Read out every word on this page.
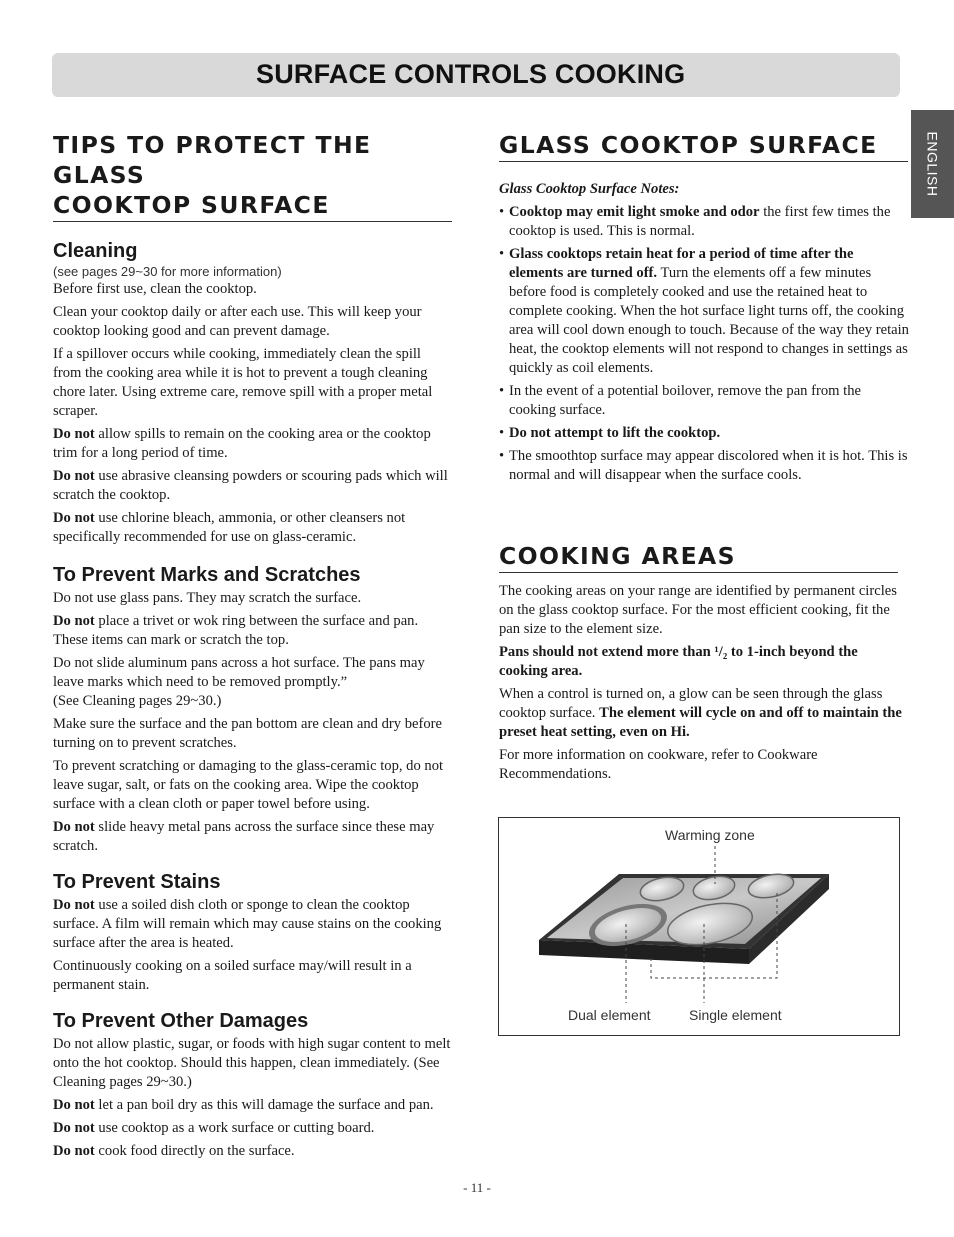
SURFACE CONTROLS COOKING
ENGLISH
TIPS TO PROTECT THE GLASS
COOKTOP SURFACE
Cleaning

(see pages 29~30 for more information)

Before first use, clean the cooktop.

Clean your cooktop daily or after each use. This will keep your cooktop looking good and can prevent damage.

If a spillover occurs while cooking, immediately clean the spill from the cooking area while it is hot to prevent a tough cleaning chore later. Using extreme care, remove spill with a proper metal scraper.

Do not allow spills to remain on the cooking area or the cooktop trim for a long period of time.

Do not use abrasive cleansing powders or scouring pads which will scratch the cooktop.

Do not use chlorine bleach, ammonia, or other cleansers not specifically recommended for use on glass-ceramic.

To Prevent Marks and Scratches

Do not use glass pans. They may scratch the surface.

Do not place a trivet or wok ring between the surface and pan. These items can mark or scratch the top.

Do not slide aluminum pans across a hot surface. The pans may leave marks which need to be removed promptly.”
(See Cleaning pages 29~30.)

Make sure the surface and the pan bottom are clean and dry before turning on to prevent scratches.

To prevent scratching or damaging to the glass-ceramic top, do not leave sugar, salt, or fats on the cooking area. Wipe the cooktop surface with a clean cloth or paper towel before using.

Do not slide heavy metal pans across the surface since these may scratch.

To Prevent Stains

Do not use a soiled dish cloth or sponge to clean the cooktop surface. A film will remain which may cause stains on the cooking surface after the area is heated.

Continuously cooking on a soiled surface may/will result in a permanent stain.

To Prevent Other Damages

Do not allow plastic, sugar, or foods with high sugar content to melt onto the hot cooktop. Should this happen, clean immediately. (See Cleaning pages 29~30.)

Do not let a pan boil dry as this will damage the surface and pan.

Do not use cooktop as a work surface or cutting board.

Do not cook food directly on the surface.

GLASS COOKTOP SURFACE

Glass Cooktop Surface Notes:

• Cooktop may emit light smoke and odor the first few times the cooktop is used. This is normal.
• Glass cooktops retain heat for a period of time after the elements are turned off. Turn the elements off a few minutes before food is completely cooked and use the retained heat to complete cooking. When the hot surface light turns off, the cooking area will cool down enough to touch. Because of the way they retain heat, the cooktop elements will not respond to changes in settings as quickly as coil elements.
• In the event of a potential boilover, remove the pan from the cooking surface.
• Do not attempt to lift the cooktop.
• The smoothtop surface may appear discolored when it is hot. This is normal and will disappear when the surface cools.
COOKING AREAS

The cooking areas on your range are identified by permanent circles on the glass cooktop surface. For the most efficient cooking, fit the pan size to the element size.

Pans should not extend more than ¹/₂ to 1-inch beyond the cooking area.

When a control is turned on, a glow can be seen through the glass cooktop surface. The element will cycle on and off to maintain the preset heat setting, even on Hi.

For more information on cookware, refer to Cookware Recommendations.

Warming zone
Dual element	Single element
- 11 -
